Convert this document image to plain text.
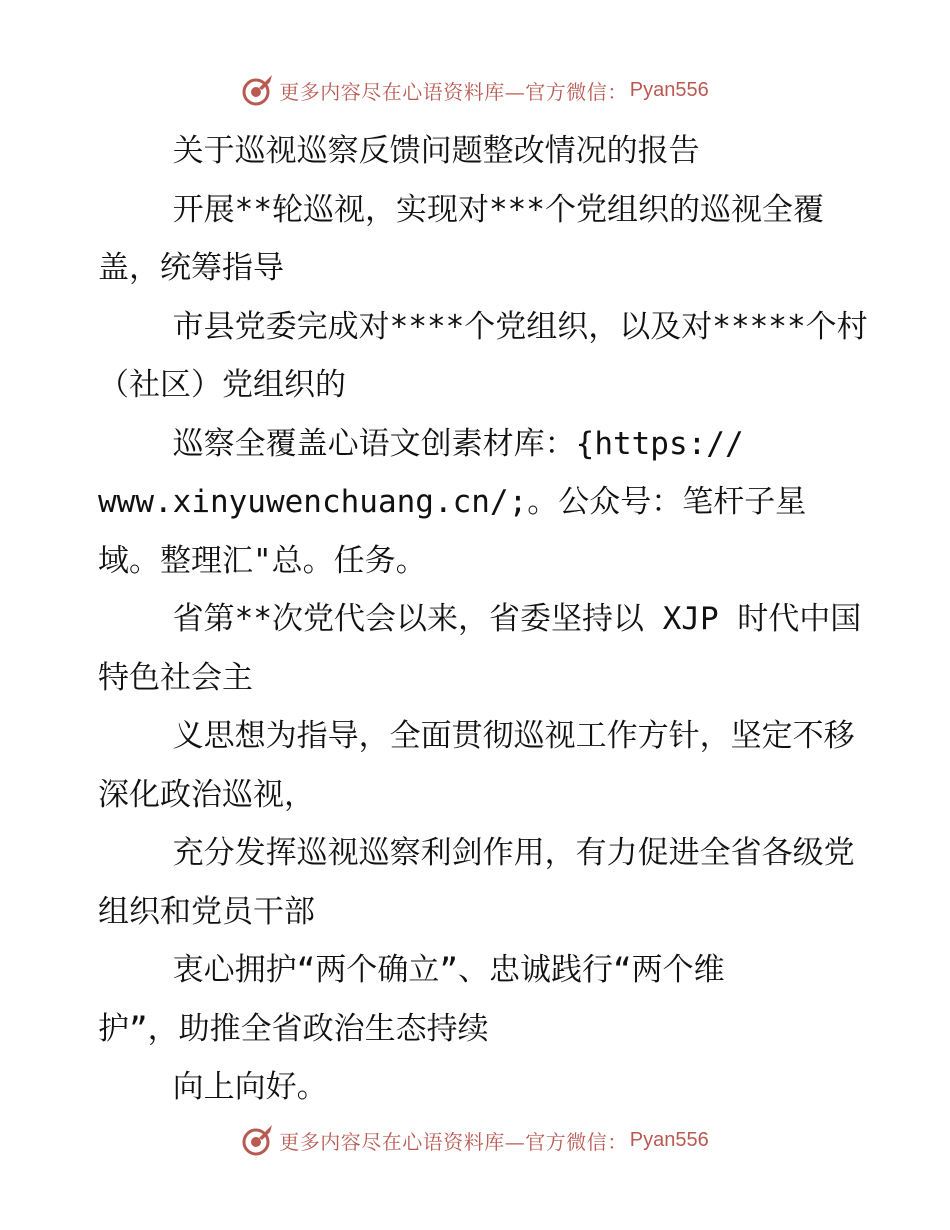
更多内容尽在心语资料库—官方微信： Pyan556

关于巡视巡察反馈问题整改情况的报告

开展**轮巡视，实现对***个党组织的巡视全覆盖，统筹指导

市县党委完成对****个党组织，以及对*****个村（社区）党组织的

巡察全覆盖心语文创素材库：{https://
www.xinyuwenchuang.cn/;。公众号：笔杆子星
域。整理汇"总。任务。

省第**次党代会以来，省委坚持以 XJP 时代中国特色社会主

义思想为指导，全面贯彻巡视工作方针，坚定不移深化政治巡视，

充分发挥巡视巡察利剑作用，有力促进全省各级党组织和党员干部

衷心拥护“两个确立”、忠诚践行“两个维
护”，助推全省政治生态持续

向上向好。

更多内容尽在心语资料库—官方微信： Pyan556
